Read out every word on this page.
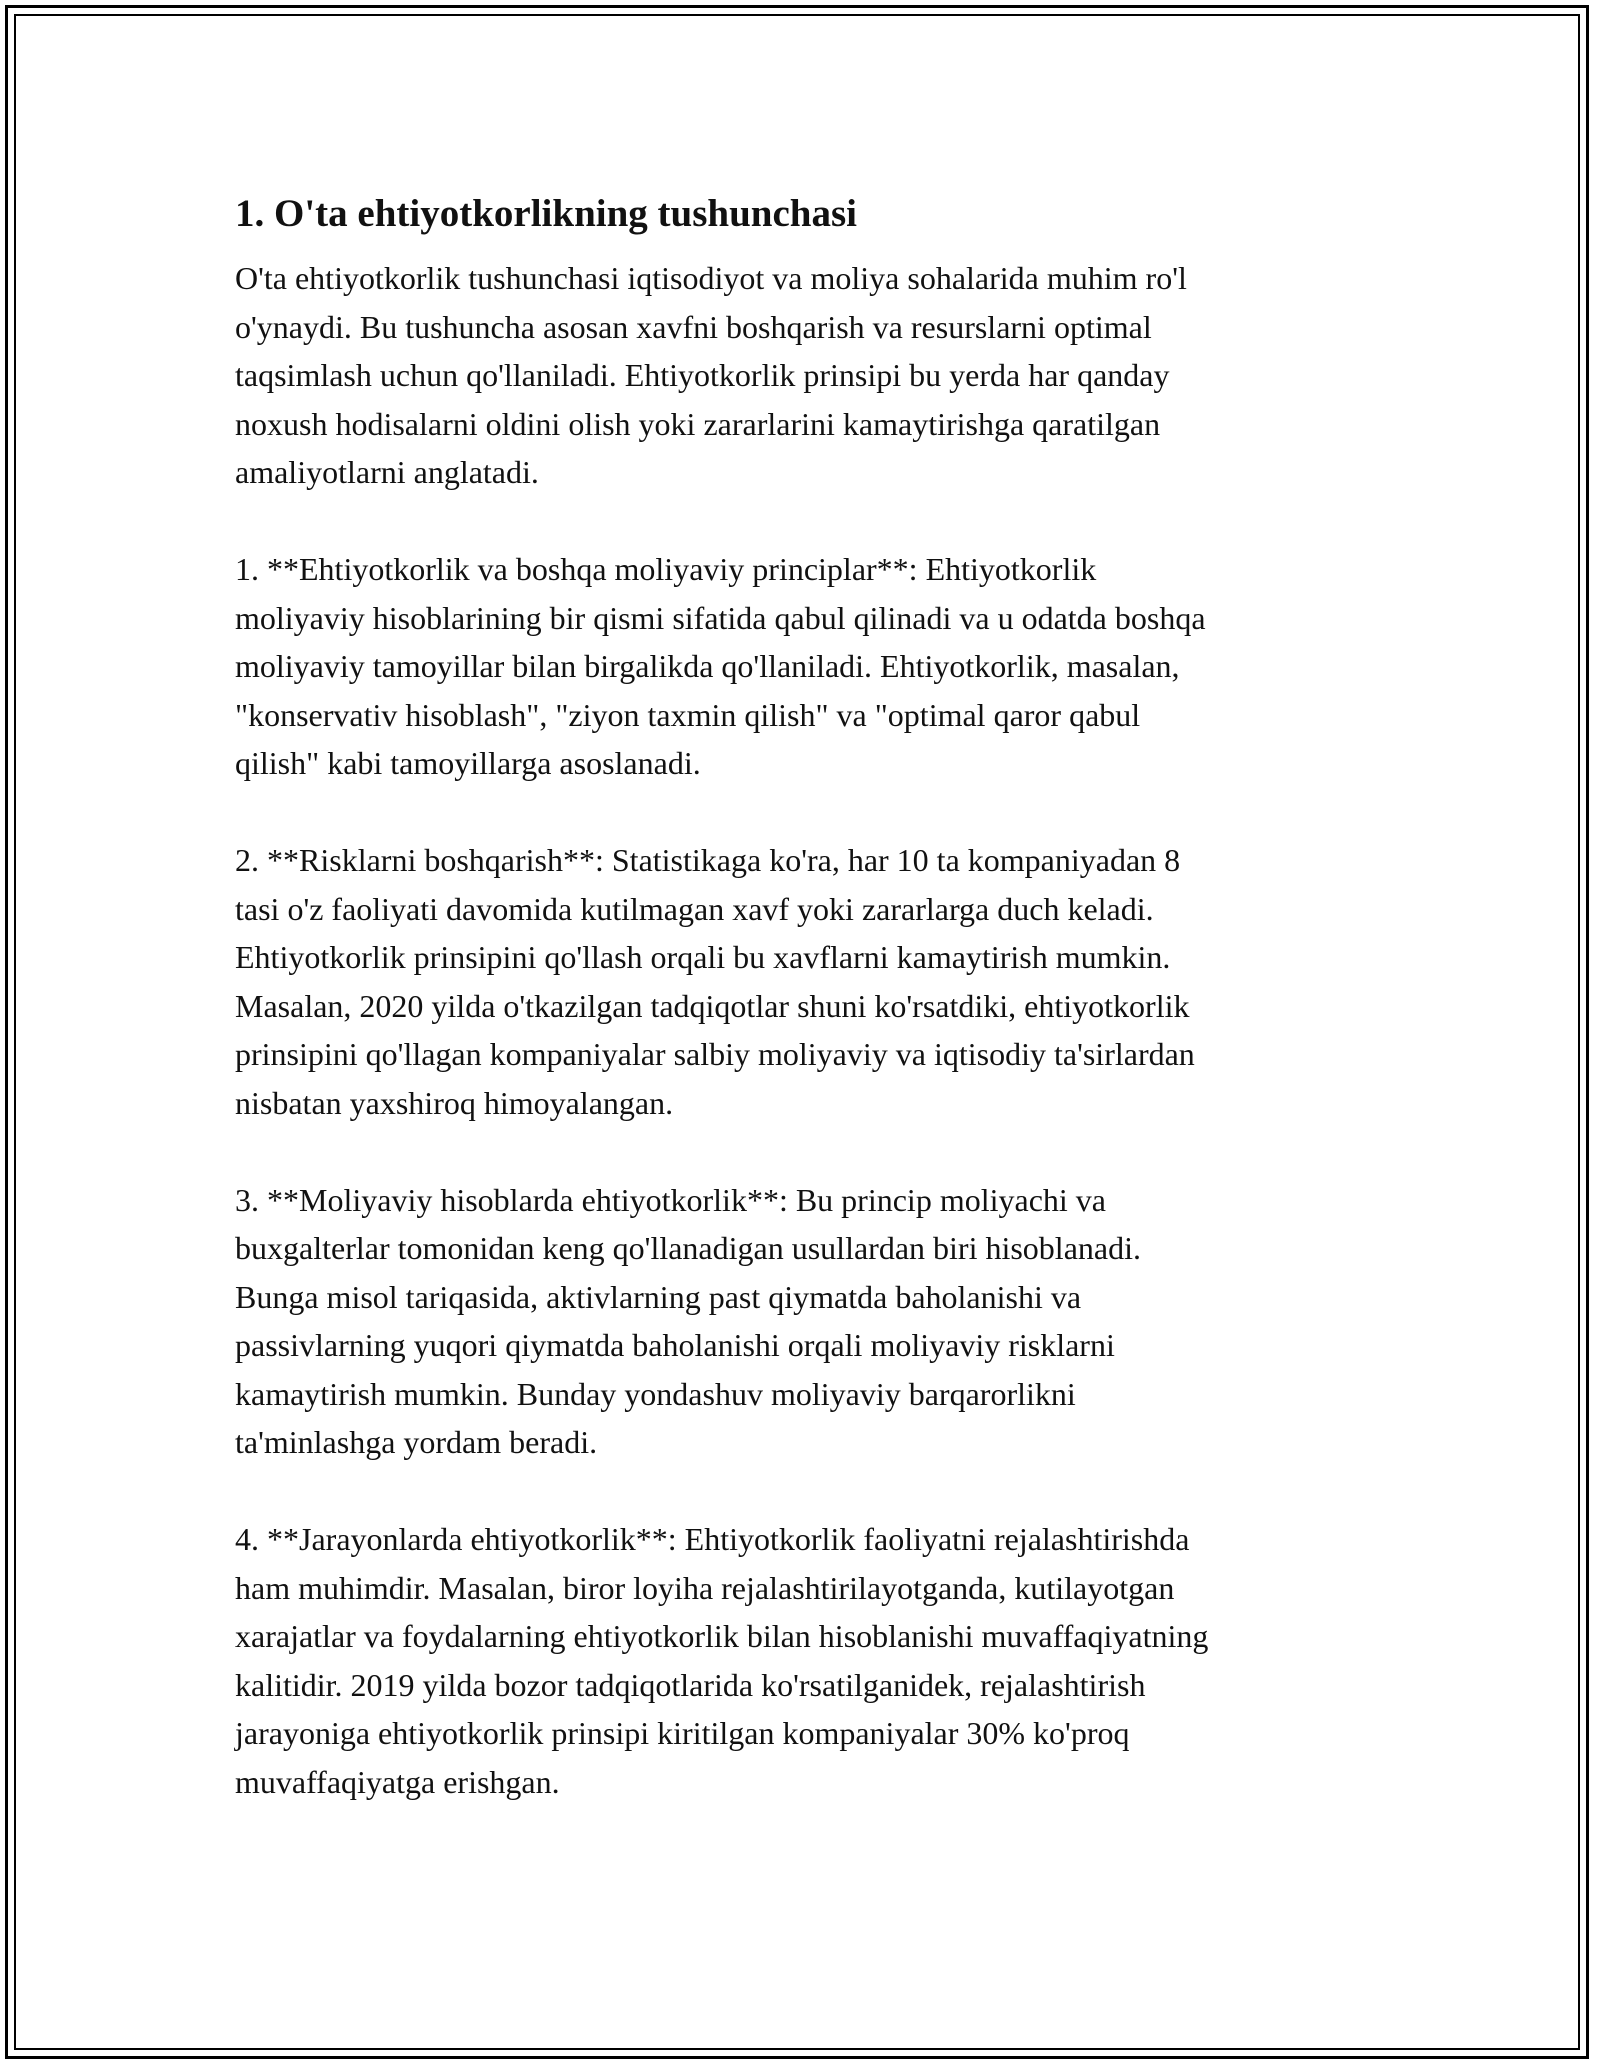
1. O'ta ehtiyotkorlikning tushunchasi

O'ta ehtiyotkorlik tushunchasi iqtisodiyot va moliya sohalarida muhim ro'l
o'ynaydi. Bu tushuncha asosan xavfni boshqarish va resurslarni optimal
taqsimlash uchun qo'llaniladi. Ehtiyotkorlik prinsipi bu yerda har qanday
noxush hodisalarni oldini olish yoki zararlarini kamaytirishga qaratilgan
amaliyotlarni anglatadi.

1. **Ehtiyotkorlik va boshqa moliyaviy principlar**: Ehtiyotkorlik
moliyaviy hisoblarining bir qismi sifatida qabul qilinadi va u odatda boshqa
moliyaviy tamoyillar bilan birgalikda qo'llaniladi. Ehtiyotkorlik, masalan,
"konservativ hisoblash", "ziyon taxmin qilish" va "optimal qaror qabul
qilish" kabi tamoyillarga asoslanadi.

2. **Risklarni boshqarish**: Statistikaga ko'ra, har 10 ta kompaniyadan 8
tasi o'z faoliyati davomida kutilmagan xavf yoki zararlarga duch keladi.
Ehtiyotkorlik prinsipini qo'llash orqali bu xavflarni kamaytirish mumkin.
Masalan, 2020 yilda o'tkazilgan tadqiqotlar shuni ko'rsatdiki, ehtiyotkorlik
prinsipini qo'llagan kompaniyalar salbiy moliyaviy va iqtisodiy ta'sirlardan
nisbatan yaxshiroq himoyalangan.

3. **Moliyaviy hisoblarda ehtiyotkorlik**: Bu princip moliyachi va
buxgalterlar tomonidan keng qo'llanadigan usullardan biri hisoblanadi.
Bunga misol tariqasida, aktivlarning past qiymatda baholanishi va
passivlarning yuqori qiymatda baholanishi orqali moliyaviy risklarni
kamaytirish mumkin. Bunday yondashuv moliyaviy barqarorlikni
ta'minlashga yordam beradi.

4. **Jarayonlarda ehtiyotkorlik**: Ehtiyotkorlik faoliyatni rejalashtirishda
ham muhimdir. Masalan, biror loyiha rejalashtirilayotganda, kutilayotgan
xarajatlar va foydalarning ehtiyotkorlik bilan hisoblanishi muvaffaqiyatning
kalitidir. 2019 yilda bozor tadqiqotlarida ko'rsatilganidek, rejalashtirish
jarayoniga ehtiyotkorlik prinsipi kiritilgan kompaniyalar 30% ko'proq
muvaffaqiyatga erishgan.
